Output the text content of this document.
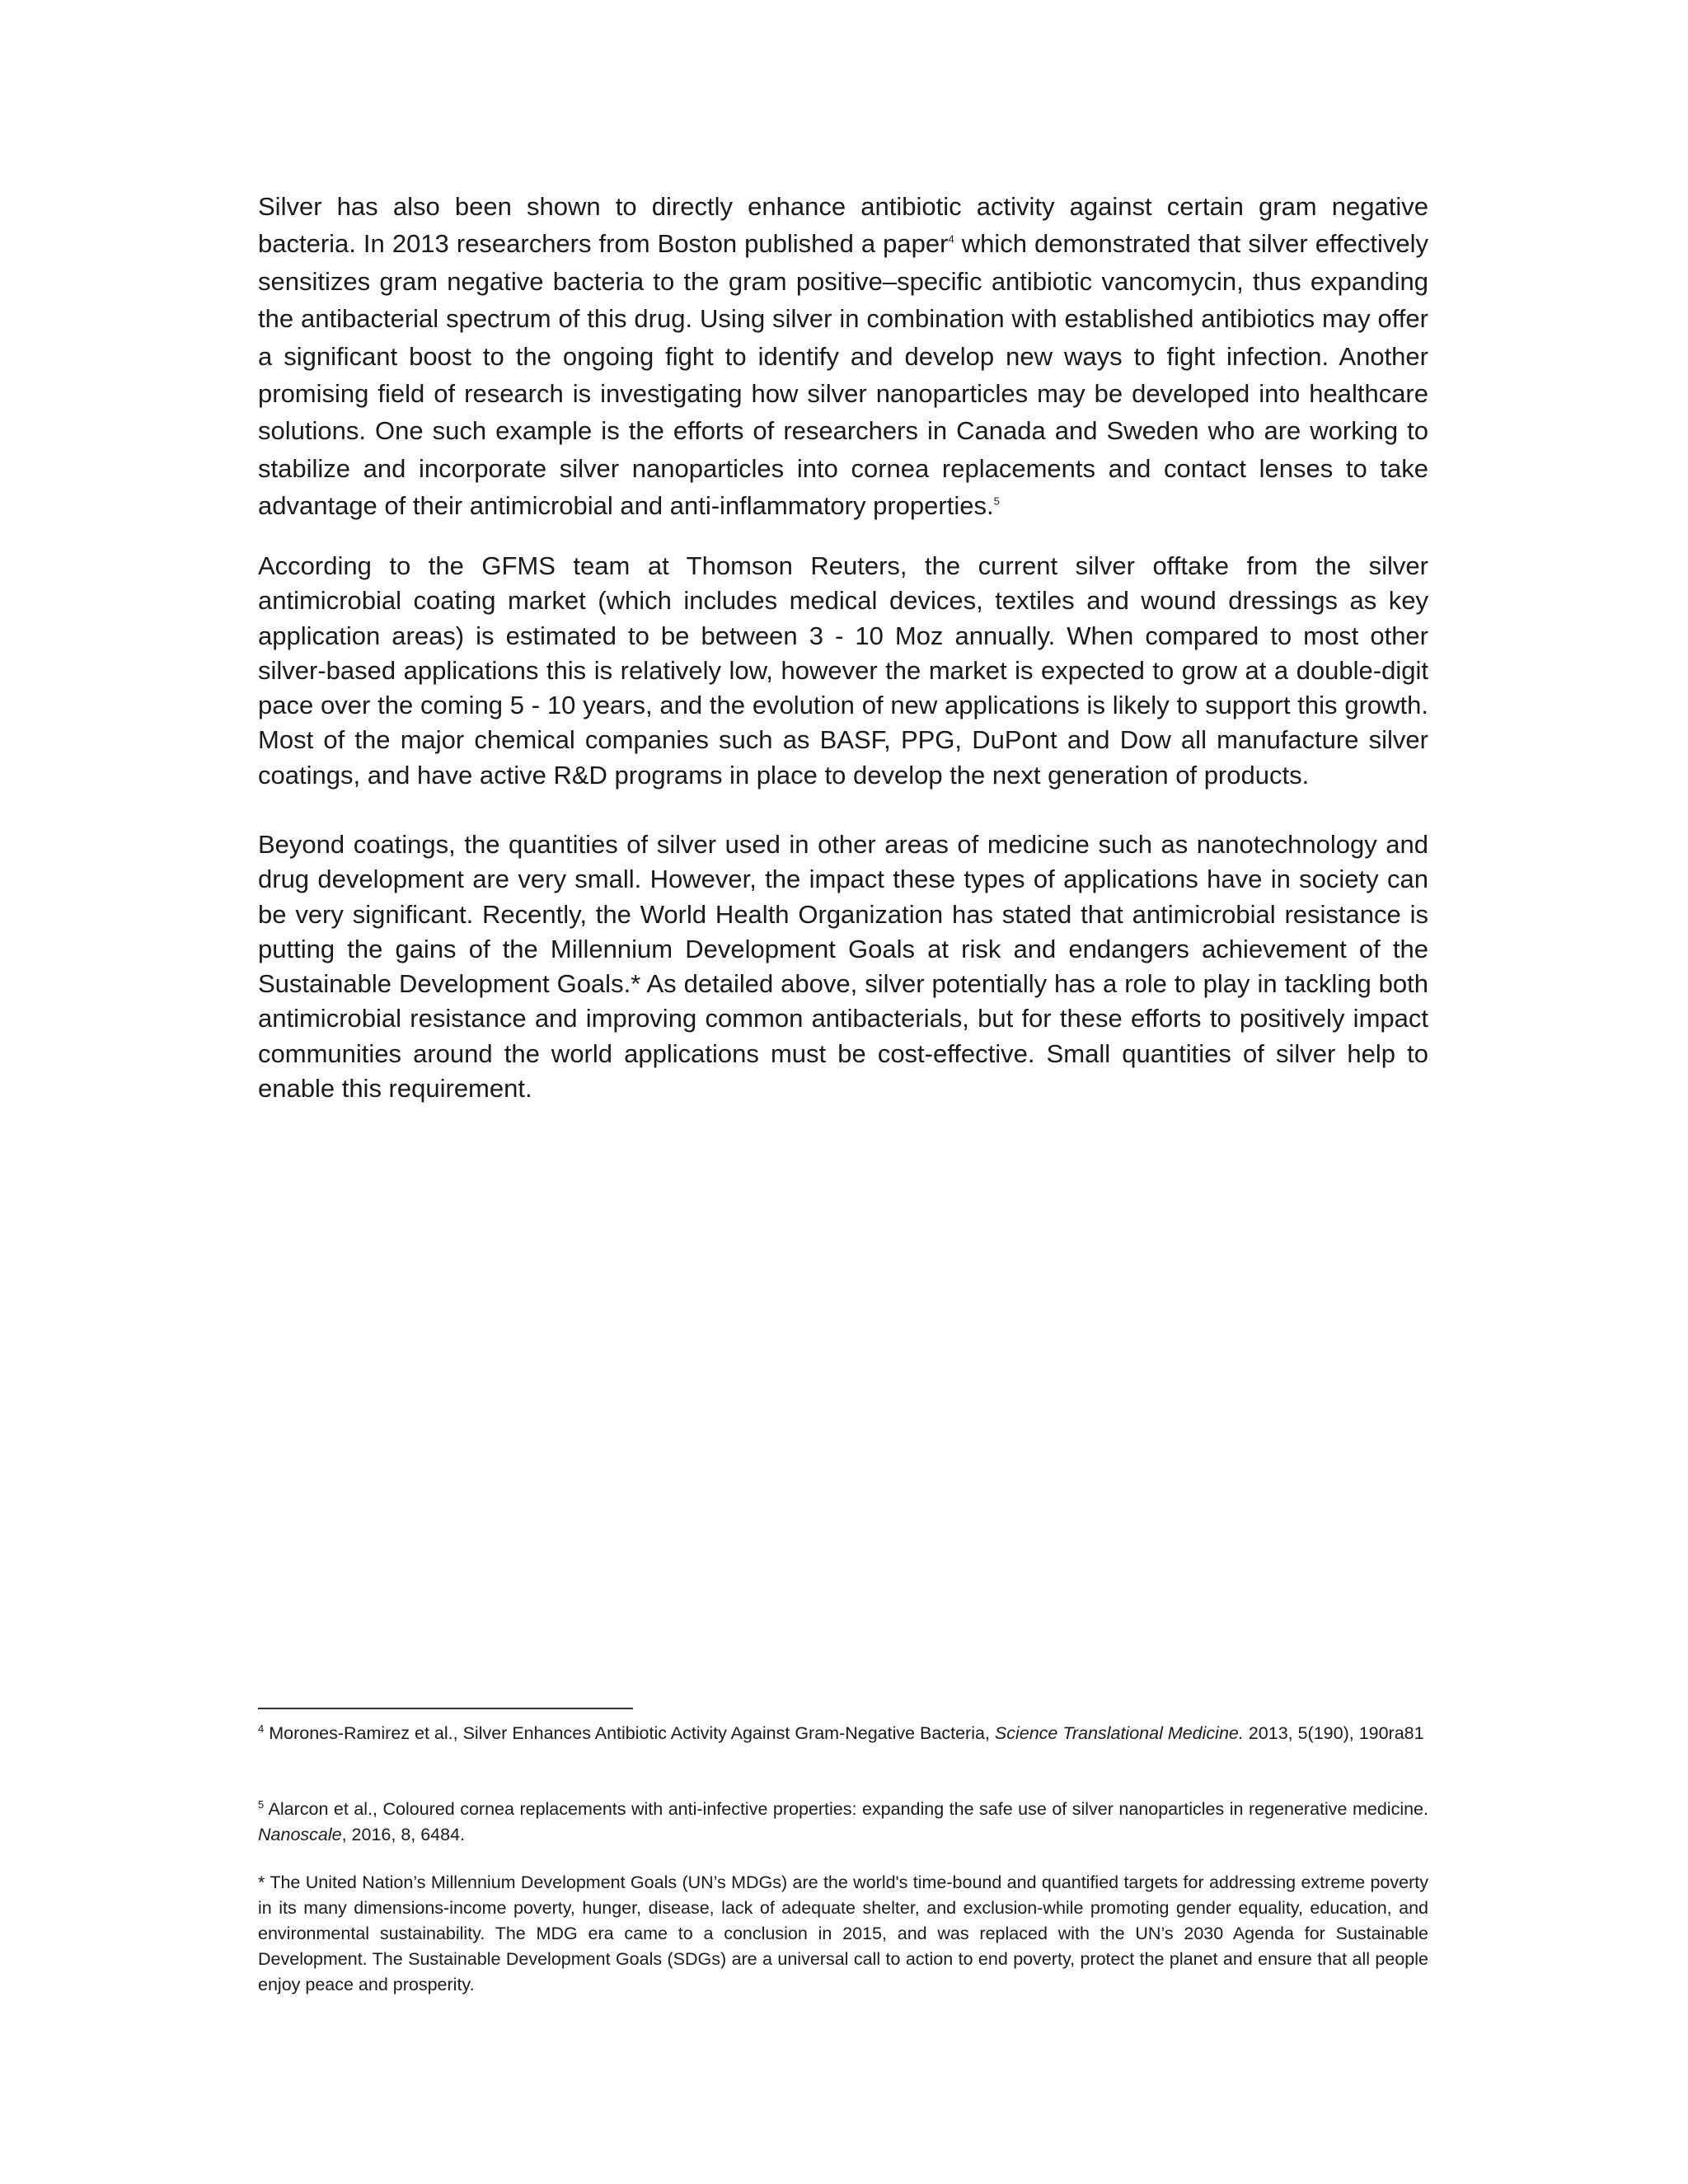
Silver has also been shown to directly enhance antibiotic activity against certain gram negative bacteria. In 2013 researchers from Boston published a paper$^4$ which demonstrated that silver effectively sensitizes gram negative bacteria to the gram positive–specific antibiotic vancomycin, thus expanding the antibacterial spectrum of this drug. Using silver in combination with established antibiotics may offer a significant boost to the ongoing fight to identify and develop new ways to fight infection. Another promising field of research is investigating how silver nanoparticles may be developed into healthcare solutions. One such example is the efforts of researchers in Canada and Sweden who are working to stabilize and incorporate silver nanoparticles into cornea replacements and contact lenses to take advantage of their antimicrobial and anti-inflammatory properties.$^5$

According to the GFMS team at Thomson Reuters, the current silver offtake from the silver antimicrobial coating market (which includes medical devices, textiles and wound dressings as key application areas) is estimated to be between 3 - 10 Moz annually. When compared to most other silver-based applications this is relatively low, however the market is expected to grow at a double-digit pace over the coming 5 - 10 years, and the evolution of new applications is likely to support this growth. Most of the major chemical companies such as BASF, PPG, DuPont and Dow all manufacture silver coatings, and have active R&D programs in place to develop the next generation of products.

Beyond coatings, the quantities of silver used in other areas of medicine such as nanotechnology and drug development are very small. However, the impact these types of applications have in society can be very significant. Recently, the World Health Organization has stated that antimicrobial resistance is putting the gains of the Millennium Development Goals at risk and endangers achievement of the Sustainable Development Goals.* As detailed above, silver potentially has a role to play in tackling both antimicrobial resistance and improving common antibacterials, but for these efforts to positively impact communities around the world applications must be cost-effective. Small quantities of silver help to enable this requirement.

$^4$ Morones-Ramirez et al., Silver Enhances Antibiotic Activity Against Gram-Negative Bacteria, Science Translational Medicine. 2013, 5(190), 190ra81

$^5$ Alarcon et al., Coloured cornea replacements with anti-infective properties: expanding the safe use of silver nanoparticles in regenerative medicine. Nanoscale, 2016, 8, 6484.

* The United Nation’s Millennium Development Goals (UN’s MDGs) are the world's time-bound and quantified targets for addressing extreme poverty in its many dimensions-income poverty, hunger, disease, lack of adequate shelter, and exclusion-while promoting gender equality, education, and environmental sustainability. The MDG era came to a conclusion in 2015, and was replaced with the UN’s 2030 Agenda for Sustainable Development. The Sustainable Development Goals (SDGs) are a universal call to action to end poverty, protect the planet and ensure that all people enjoy peace and prosperity.
